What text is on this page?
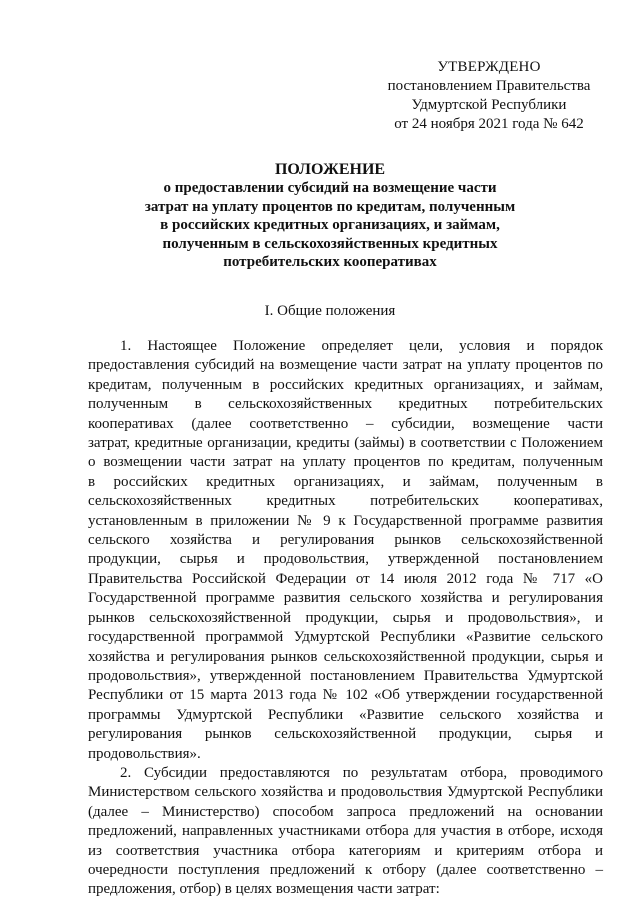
УТВЕРЖДЕНО
постановлением Правительства
Удмуртской Республики
от 24 ноября 2021 года № 642
ПОЛОЖЕНИЕ
о предоставлении субсидий на возмещение части
затрат на уплату процентов по кредитам, полученным
в российских кредитных организациях, и займам,
полученным в сельскохозяйственных кредитных
потребительских кооперативах
I. Общие положения
1. Настоящее Положение определяет цели, условия и порядок
предоставления субсидий на возмещение части затрат на уплату процентов по
кредитам, полученным в российских кредитных организациях, и займам,
полученным в сельскохозяйственных кредитных потребительских
кооперативах (далее соответственно – субсидии, возмещение части
затрат, кредитные организации, кредиты (займы) в соответствии с Положением
о возмещении части затрат на уплату процентов по кредитам, полученным
в российских кредитных организациях, и займам, полученным в
сельскохозяйственных кредитных потребительских кооперативах,
установленным в приложении № 9 к Государственной программе развития
сельского хозяйства и регулирования рынков сельскохозяйственной
продукции, сырья и продовольствия, утвержденной постановлением
Правительства Российской Федерации от 14 июля 2012 года № 717 «О
Государственной программе развития сельского хозяйства и регулирования
рынков сельскохозяйственной продукции, сырья и продовольствия», и
государственной программой Удмуртской Республики «Развитие сельского
хозяйства и регулирования рынков сельскохозяйственной продукции, сырья и
продовольствия», утвержденной постановлением Правительства Удмуртской
Республики от 15 марта 2013 года № 102 «Об утверждении государственной
программы Удмуртской Республики «Развитие сельского хозяйства и
регулирования рынков сельскохозяйственной продукции, сырья и
продовольствия».
2. Субсидии предоставляются по результатам отбора, проводимого
Министерством сельского хозяйства и продовольствия Удмуртской Республики
(далее – Министерство) способом запроса предложений на основании
предложений, направленных участниками отбора для участия в отборе, исходя
из соответствия участника отбора категориям и критериям отбора и
очередности поступления предложений к отбору (далее соответственно –
предложения, отбор) в целях возмещения части затрат:
